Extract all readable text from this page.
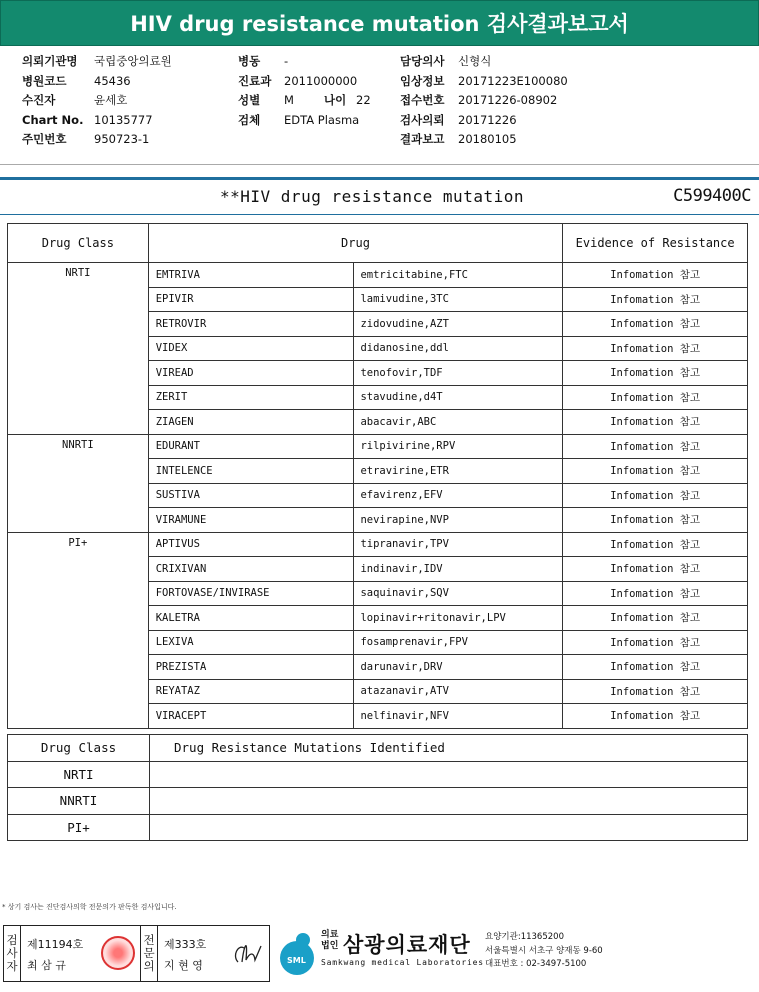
HIV drug resistance mutation 검사결과보고서
의뢰기관명	국립중앙의료원
병원코드	45436
수진자	윤세호
Chart No. 10135777
주민번호	950723-1
병동	-
진료과	2011000000
성별	M	나이 22
검체	EDTA Plasma
담당의사	신형식
임상정보	20171223E100080
접수번호	20171226-08902
검사의뢰	20171226
결과보고	20180105
**HIV drug resistance mutation	C599400C
Drug Class	Drug		Evidence of Resistance
NRTI	EMTRIVA	emtricitabine,FTC	Infomation 참고
	EPIVIR	lamivudine,3TC	Infomation 참고
	RETROVIR	zidovudine,AZT	Infomation 참고
	VIDEX	didanosine,ddl	Infomation 참고
	VIREAD	tenofovir,TDF	Infomation 참고
	ZERIT	stavudine,d4T	Infomation 참고
	ZIAGEN	abacavir,ABC	Infomation 참고
NNRTI	EDURANT	rilpivirine,RPV	Infomation 참고
	INTELENCE	etravirine,ETR	Infomation 참고
	SUSTIVA	efavirenz,EFV	Infomation 참고
	VIRAMUNE	nevirapine,NVP	Infomation 참고
PI+	APTIVUS	tipranavir,TPV	Infomation 참고
	CRIXIVAN	indinavir,IDV	Infomation 참고
	FORTOVASE/INVIRASE	saquinavir,SQV	Infomation 참고
	KALETRA	lopinavir+ritonavir,LPV	Infomation 참고
	LEXIVA	fosamprenavir,FPV	Infomation 참고
	PREZISTA	darunavir,DRV	Infomation 참고
	REYATAZ	atazanavir,ATV	Infomation 참고
	VIRACEPT	nelfinavir,NFV	Infomation 참고
Drug Class	Drug Resistance Mutations Identified
NRTI	
NNRTI	
PI+	
* 상기 검사는 진단검사의학 전문의가 판독한 검사입니다.
검
사
자
제11194호
최 삼 규
전
문
의
제333호
지 현 영	SML
의료법인 삼광의료재단
Samkwang medical Laboratories
요양기관:11365200
서울특별시 서초구 양재동 9-60
대표번호 : 02-3497-5100
